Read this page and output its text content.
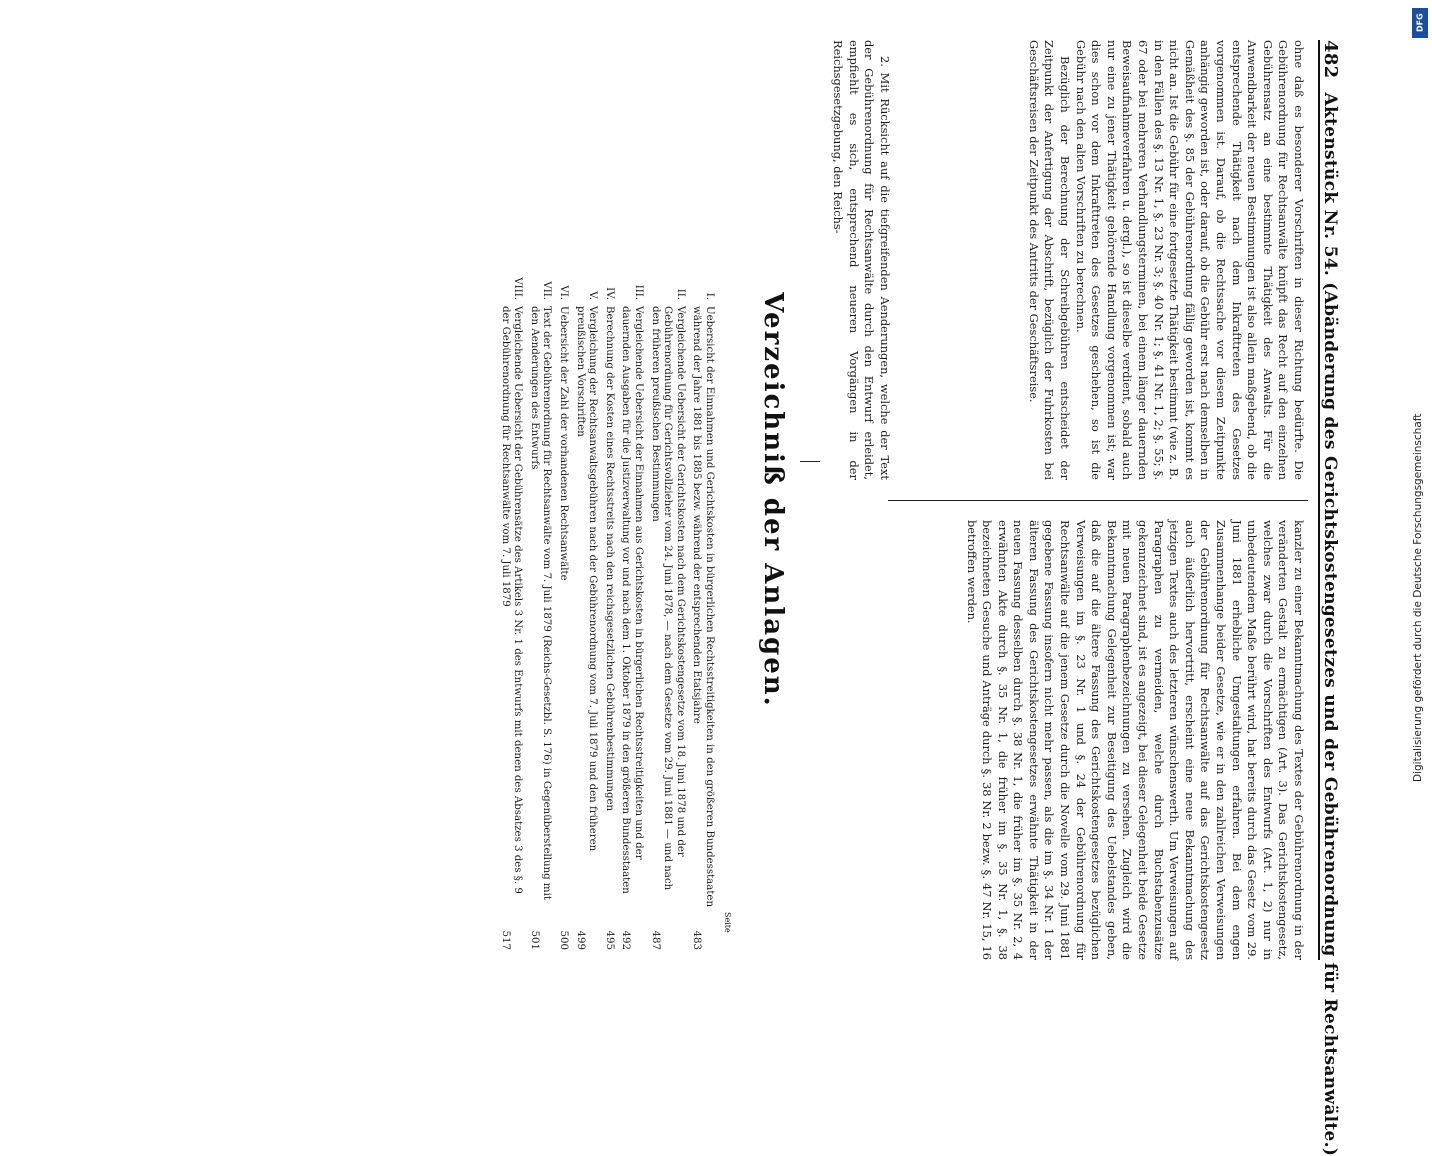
482
Aktenstück Nr. 54. (Abänderung des Gerichtskostengesetzes und der Gebührenordnung für Rechtsanwälte.)

ohne daß es besonderer Vorschriften in dieser Richtung bedürfte. Die Gebührenordnung für Rechtsanwälte knüpft das Recht auf den einzelnen Gebührensatz an eine bestimmte Thätigkeit des Anwalts. Für die Anwendbarkeit der neuen Bestimmungen ist also allein maßgebend, ob die entsprechende Thätigkeit nach dem Inkrafttreten des Gesetzes vorgenommen ist. Darauf, ob die Rechtssache vor diesem Zeitpunkte anhängig geworden ist, oder darauf, ob die Gebühr erst nach demselben in Gemäßheit des §. 85 der Gebührenordnung fällig geworden ist, kommt es nicht an. Ist die Gebühr für eine fortgesetzte Thätigkeit bestimmt (wie z. B. in den Fällen des §. 13 Nr. 1, §. 23 Nr. 3; §. 40 Nr. 1; §. 41 Nr. 1, 2; §. 55; §. 67 oder bei mehreren Verhandlungsterminen, bei einem länger dauernden Beweisaufnahmeverfahren u. dergl.), so ist dieselbe verdient, sobald auch nur eine zu jener Thätigkeit gehörende Handlung vorgenommen ist; war dies schon vor dem Inkrafttreten des Gesetzes geschehen, so ist die Gebühr nach den alten Vorschriften zu berechnen.

Bezüglich der Berechnung der Schreibgebühren entscheidet der Zeitpunkt der Anfertigung der Abschrift, bezüglich der Fuhrkosten bei Geschäftsreisen der Zeitpunkt des Antritts der Geschäftsreise.

2. Mit Rücksicht auf die tiefgreifenden Aenderungen, welche der Text der Gebührenordnung für Rechtsanwälte durch den Entwurf erleidet, empfiehlt es sich, entsprechend neueren Vorgängen in der Reichsgesetzgebung, den Reichs-

kanzler zu einer Bekanntmachung des Textes der Gebührenordnung in der veränderten Gestalt zu ermächtigen (Art. 3). Das Gerichtskostengesetz, welches zwar durch die Vorschriften des Entwurfs (Art. 1, 2) nur in unbedeutendem Maße berührt wird, hat bereits durch das Gesetz vom 29. Juni 1881 erhebliche Umgestaltungen erfahren. Bei dem engen Zusammenhange beider Gesetze, wie er in den zahlreichen Verweisungen der Gebührenordnung für Rechtsanwälte auf das Gerichtskostengesetz auch äußerlich hervortritt, erscheint eine neue Bekanntmachung des jetzigen Textes auch des letzteren wünschenswerth. Um Verweisungen auf Paragraphen zu vermeiden, welche durch Buchstabenzusätze gekennzeichnet sind, ist es angezeigt, bei dieser Gelegenheit beide Gesetze mit neuen Paragraphenbezeichnungen zu versehen. Zugleich wird die Bekanntmachung Gelegenheit zur Beseitigung des Uebelstandes geben, daß die auf die ältere Fassung des Gerichtskostengesetzes bezüglichen Verweisungen im §. 23 Nr. 1 und §. 24 der Gebührenordnung für Rechtsanwälte auf die jenem Gesetze durch die Novelle vom 29. Juni 1881 gegebene Fassung insofern nicht mehr passen, als die im §. 34 Nr. 1 der älteren Fassung des Gerichtskostengesetzes erwähnte Thätigkeit in der neuen Fassung desselben durch §. 38 Nr. 1, die früher im §. 35 Nr. 2, 4 erwähnten Akte durch §. 35 Nr. 1, die früher im §. 35 Nr. 1, §. 38 bezeichneten Gesuche und Anträge durch §. 38 Nr. 2 bezw. §. 47 Nr. 15, 16 betroffen werden.

Verzeichniß der Anlagen.
Seite
I.
Uebersicht der Einnahmen und Gerichtskosten in bürgerlichen Rechtsstreitigkeiten in den größeren Bundesstaaten während der Jahre 1881 bis 1885 bezw. während der entsprechenden Etatsjahre
483
II.
Vergleichende Uebersicht der Gerichtskosten nach dem Gerichtskostengesetze vom 18. Juni 1878 und der Gebührenordnung für Gerichtsvollzieher vom 24. Juni 1878, — nach dem Gesetze vom 29. Juni 1881 — und nach den früheren preußischen Bestimmungen
487
III.
Vergleichende Uebersicht der Einnahmen aus Gerichtskosten in bürgerlichen Rechtsstreitigkeiten und der dauernden Ausgaben für die Justizverwaltung vor und nach dem 1. Oktober 1879 in den größeren Bundesstaaten
492
IV.
Berechnung der Kosten eines Rechtsstreits nach den reichsgesetzlichen Gebührenbestimmungen
495
V.
Vergleichung der Rechtsanwaltsgebühren nach der Gebührenordnung vom 7. Juli 1879 und den früheren preußischen Vorschriften
499
VI.
Uebersicht der Zahl der vorhandenen Rechtsanwälte
500
VII.
Text der Gebührenordnung für Rechtsanwälte vom 7. Juli 1879 (Reichs-Gesetzbl. S. 176) in Gegenüberstellung mit den Aenderungen des Entwurfs
501
VIII.
Vergleichende Uebersicht der Gebührensätze des Artikels 3 Nr. 1 des Entwurfs mit denen des Absatzes 3 des §. 9 der Gebührenordnung für Rechtsanwälte vom 7. Juli 1879
517
DFG
Digitalisierung gefördert durch die Deutsche Forschungsgemeinschaft
